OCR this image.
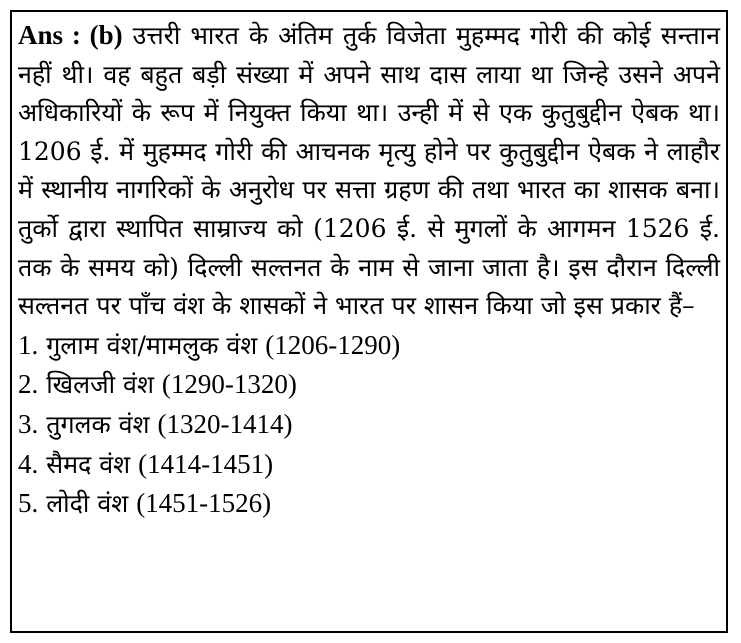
Ans : (b) उत्तरी भारत के अंतिम तुर्क विजेता मुहम्मद गोरी की कोई सन्तान नहीं थी। वह बहुत बड़ी संख्या में अपने साथ दास लाया था जिन्हे उसने अपने अधिकारियों के रूप में नियुक्त किया था। उन्ही में से एक कुतुबुद्दीन ऐबक था। 1206 ई. में मुहम्मद गोरी की आचनक मृत्यु होने पर कुतुबुद्दीन ऐबक ने लाहौर में स्थानीय नागरिकों के अनुरोध पर सत्ता ग्रहण की तथा भारत का शासक बना। तुर्को द्वारा स्थापित साम्राज्य को (1206 ई. से मुगलों के आगमन 1526 ई. तक के समय को) दिल्ली सल्तनत के नाम से जाना जाता है। इस दौरान दिल्ली सल्तनत पर पाँच वंश के शासकों ने भारत पर शासन किया जो इस प्रकार हैं–

1. गुलाम वंश/मामलुक वंश (1206-1290)
2. खिलजी वंश (1290-1320)
3. तुगलक वंश (1320-1414)
4. सैमद वंश (1414-1451)
5. लोदी वंश (1451-1526)
